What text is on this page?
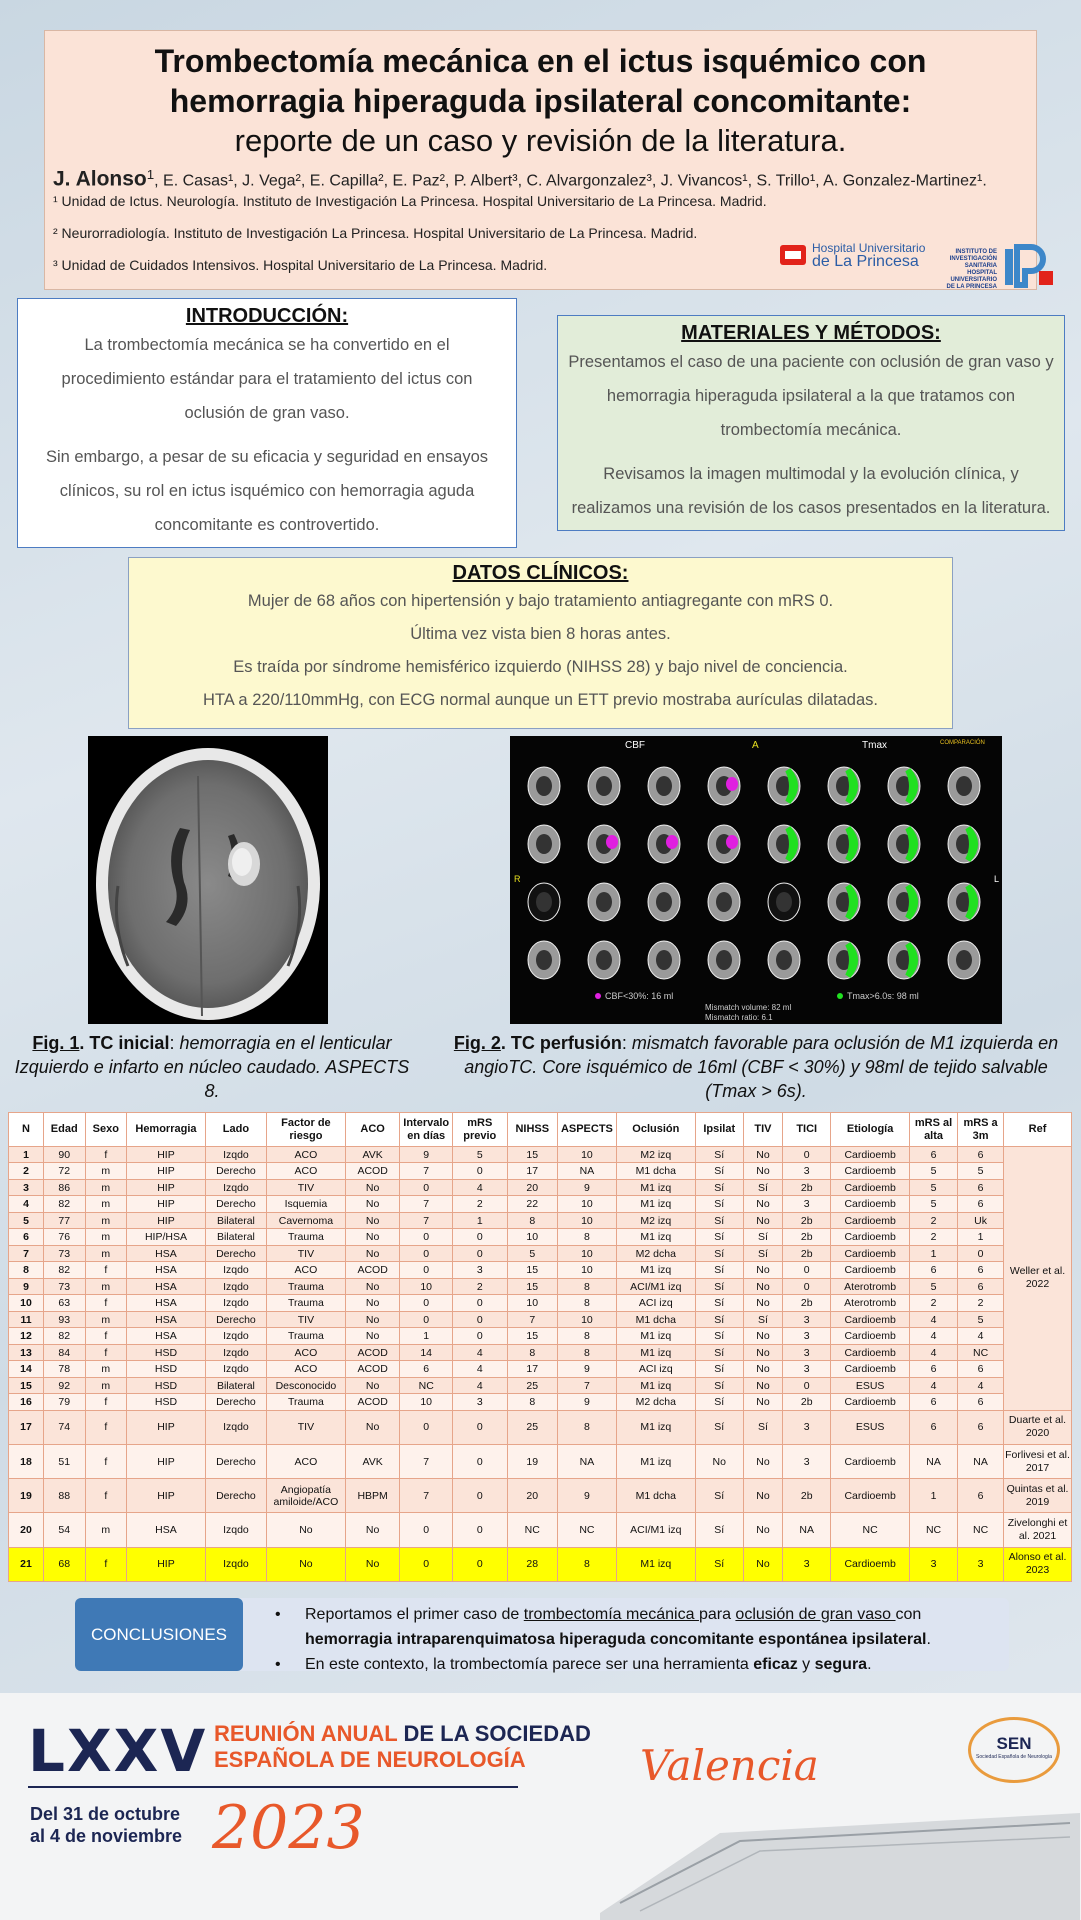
Trombectomía mecánica en el ictus isquémico con
hemorragia hiperaguda ipsilateral concomitante:
reporte de un caso y revisión de la literatura.
J. Alonso$^1$, E. Casas¹, J. Vega², E. Capilla², E. Paz², P. Albert³, C. Alvargonzalez³, J. Vivancos¹, S. Trillo¹, A. Gonzalez-Martinez¹.
¹ Unidad de Ictus. Neurología. Instituto de Investigación La Princesa. Hospital Universitario de La Princesa. Madrid.
² Neurorradiología. Instituto de Investigación La Princesa. Hospital Universitario de La Princesa. Madrid.
³ Unidad de Cuidados Intensivos. Hospital Universitario de La Princesa. Madrid.
Hospital Universitario
de La Princesa
INSTITUTO DE INVESTIGACIÓN SANITARIA HOSPITAL UNIVERSITARIO DE LA PRINCESA
INTRODUCCIÓN:

La trombectomía mecánica se ha convertido en el procedimiento estándar para el tratamiento del ictus con oclusión de gran vaso.

Sin embargo, a pesar de su eficacia y seguridad en ensayos clínicos, su rol en ictus isquémico con hemorragia aguda concomitante es controvertido.

MATERIALES Y MÉTODOS:

Presentamos el caso de una paciente con oclusión de gran vaso y hemorragia hiperaguda ipsilateral a la que tratamos con trombectomía mecánica.

Revisamos la imagen multimodal y la evolución clínica, y realizamos una revisión de los casos presentados en la literatura.

DATOS CLÍNICOS:

Mujer de 68 años con hipertensión y bajo tratamiento antiagregante con mRS 0.

Última vez vista bien 8 horas antes.

Es traída por síndrome hemisférico izquierdo (NIHSS 28) y bajo nivel de conciencia.

HTA a 220/110mmHg, con ECG normal aunque un ETT previo mostraba aurículas dilatadas.

CBF	A	Tmax	COMPARACIÓN
R	L
CBF<30%: 16 ml	Tmax>6.0s: 98 ml
Mismatch volume: 82 ml
Mismatch ratio: 6.1
Fig. 1. TC inicial: hemorragia en el lenticular Izquierdo e infarto en núcleo caudado. ASPECTS 8.
Fig. 2. TC perfusión: mismatch favorable para oclusión de M1 izquierda en angioTC. Core isquémico de 16ml (CBF < 30%) y 98ml de tejido salvable (Tmax > 6s).
N	Edad	Sexo	Hemorragia	Lado	Factor de riesgo	ACO	Intervalo en días	mRS previo	NIHSS	ASPECTS	Oclusión	Ipsilat	TIV	TICI	Etiología	mRS al alta	mRS a 3m	Ref
1	90	f	HIP	Izqdo	ACO	AVK	9	5	15	10	M2 izq	Sí	No	0	Cardioemb	6	6	Weller et al. 2022
2	72	m	HIP	Derecho	ACO	ACOD	7	0	17	NA	M1 dcha	Sí	No	3	Cardioemb	5	5	
3	86	m	HIP	Izqdo	TIV	No	0	4	20	9	M1 izq	Sí	Sí	2b	Cardioemb	5	6	
4	82	m	HIP	Derecho	Isquemia	No	7	2	22	10	M1 izq	Sí	No	3	Cardioemb	5	6	
5	77	m	HIP	Bilateral	Cavernoma	No	7	1	8	10	M2 izq	Sí	No	2b	Cardioemb	2	Uk	
6	76	m	HIP/HSA	Bilateral	Trauma	No	0	0	10	8	M1 izq	Sí	Sí	2b	Cardioemb	2	1	
7	73	m	HSA	Derecho	TIV	No	0	0	5	10	M2 dcha	Sí	Sí	2b	Cardioemb	1	0	
8	82	f	HSA	Izqdo	ACO	ACOD	0	3	15	10	M1 izq	Sí	No	0	Cardioemb	6	6	
9	73	m	HSA	Izqdo	Trauma	No	10	2	15	8	ACI/M1 izq	Sí	No	0	Aterotromb	5	6	
10	63	f	HSA	Izqdo	Trauma	No	0	0	10	8	ACI izq	Sí	No	2b	Aterotromb	2	2	
11	93	m	HSA	Derecho	TIV	No	0	0	7	10	M1 dcha	Sí	Sí	3	Cardioemb	4	5	
12	82	f	HSA	Izqdo	Trauma	No	1	0	15	8	M1 izq	Sí	No	3	Cardioemb	4	4	
13	84	f	HSD	Izqdo	ACO	ACOD	14	4	8	8	M1 izq	Sí	No	3	Cardioemb	4	NC	
14	78	m	HSD	Izqdo	ACO	ACOD	6	4	17	9	ACI izq	Sí	No	3	Cardioemb	6	6	
15	92	m	HSD	Bilateral	Desconocido	No	NC	4	25	7	M1 izq	Sí	No	0	ESUS	4	4	
16	79	f	HSD	Derecho	Trauma	ACOD	10	3	8	9	M2 dcha	Sí	No	2b	Cardioemb	6	6	
17	74	f	HIP	Izqdo	TIV	No	0	0	25	8	M1 izq	Sí	Sí	3	ESUS	6	6	Duarte et al. 2020
18	51	f	HIP	Derecho	ACO	AVK	7	0	19	NA	M1 izq	No	No	3	Cardioemb	NA	NA	Forlivesi et al. 2017
19	88	f	HIP	Derecho	Angiopatía amiloide/ACO	HBPM	7	0	20	9	M1 dcha	Sí	No	2b	Cardioemb	1	6	Quintas et al. 2019
20	54	m	HSA	Izqdo	No	No	0	0	NC	NC	ACI/M1 izq	Sí	No	NA	NC	NC	NC	Zivelonghi et al. 2021
21	68	f	HIP	Izqdo	No	No	0	0	28	8	M1 izq	Sí	No	3	Cardioemb	3	3	Alonso et al. 2023
CONCLUSIONES
• Reportamos el primer caso de trombectomía mecánica para oclusión de gran vaso con hemorragia intraparenquimatosa hiperaguda concomitante espontánea ipsilateral.
• En este contexto, la trombectomía parece ser una herramienta eficaz y segura.
LXXV REUNIÓN ANUAL DE LA SOCIEDAD
ESPAÑOLA DE NEUROLOGÍA
Del 31 de octubre
al 4 de noviembre 2023
Valencia	SEN
Sociedad Española de Neurología
